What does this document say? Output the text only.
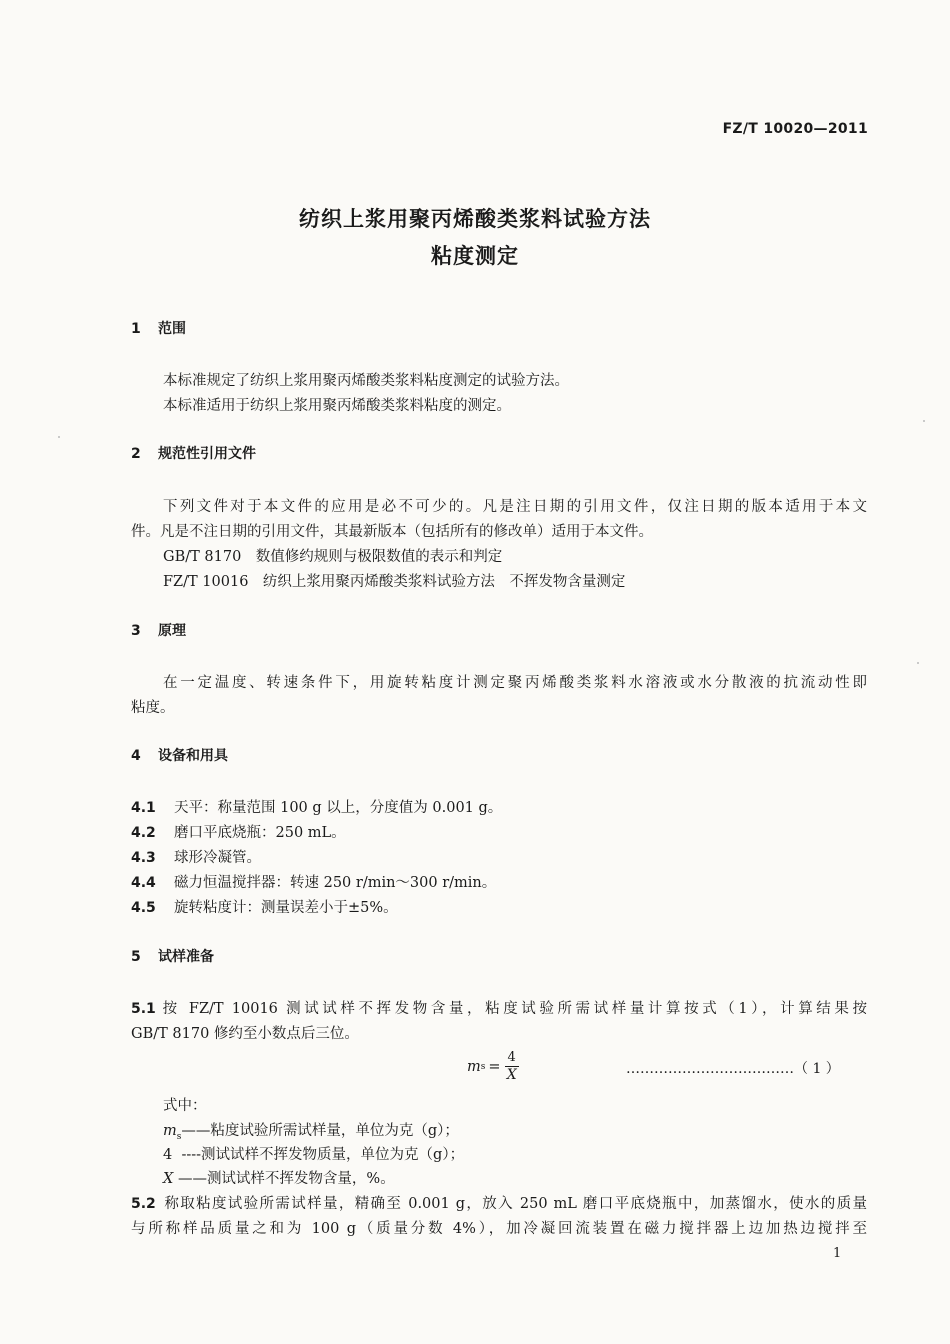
FZ/T 10020—2011
纺织上浆用聚丙烯酸类浆料试验方法
粘度测定
1 范围
本标准规定了纺织上浆用聚丙烯酸类浆料粘度测定的试验方法。
本标准适用于纺织上浆用聚丙烯酸类浆料粘度的测定。
2 规范性引用文件
下列文件对于本文件的应用是必不可少的。凡是注日期的引用文件，仅注日期的版本适用于本文
件。凡是不注日期的引用文件，其最新版本（包括所有的修改单）适用于本文件。
GB/T 8170　数值修约规则与极限数值的表示和判定
FZ/T 10016　纺织上浆用聚丙烯酸类浆料试验方法　不挥发物含量测定
3 原理
在一定温度、转速条件下，用旋转粘度计测定聚丙烯酸类浆料水溶液或水分散液的抗流动性即
粘度。
4 设备和用具
4.1 天平：称量范围 100 g 以上，分度值为 0.001 g。
4.2 磨口平底烧瓶：250 mL。
4.3 球形冷凝管。
4.4 磁力恒温搅拌器：转速 250 r/min～300 r/min。
4.5 旋转粘度计：测量误差小于±5%。
5 试样准备
5.1 按 FZ/T 10016 测试试样不挥发物含量，粘度试验所需试样量计算按式（1），计算结果按
GB/T 8170 修约至小数点后三位。
m $s = \frac{4}{X}$	………………………………（ 1 ）
式中：
$m_s——$粘度试验所需试样量，单位为克（g）；
4 ----测试试样不挥发物质量，单位为克（g）；
X ——测试试样不挥发物含量，%。
5.2 称取粘度试验所需试样量，精确至 0.001 g，放入 250 mL 磨口平底烧瓶中，加蒸馏水，使水的质量
与所称样品质量之和为 100 g（质量分数 4%），加冷凝回流装置在磁力搅拌器上边加热边搅拌至
1
